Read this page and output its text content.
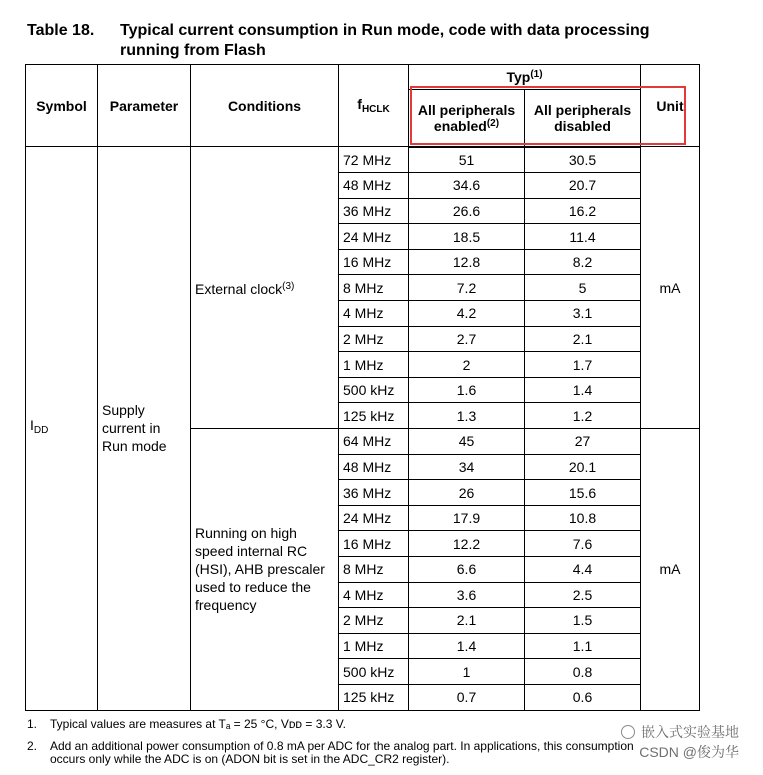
Table 18. Typical current consumption in Run mode, code with data processing running from Flash
Symbol	Parameter	Conditions	$f_{HCLK}$	Typ$^{(1)}$		Unit
				All peripherals enabled$^{(2)}$	All peripherals disabled	
$I_{DD}$	Supply current in Run mode	External clock$^{(3)}$	72 MHz	51	30.5	mA
			48 MHz	34.6	20.7	
			36 MHz	26.6	16.2	
			24 MHz	18.5	11.4	
			16 MHz	12.8	8.2	
			8 MHz	7.2	5	
			4 MHz	4.2	3.1	
			2 MHz	2.7	2.1	
			1 MHz	2	1.7	
			500 kHz	1.6	1.4	
			125 kHz	1.3	1.2	
		Running on high speed internal RC (HSI), AHB prescaler used to reduce the frequency	64 MHz	45	27	mA
			48 MHz	34	20.1	
			36 MHz	26	15.6	
			24 MHz	17.9	10.8	
			16 MHz	12.2	7.6	
			8 MHz	6.6	4.4	
			4 MHz	3.6	2.5	
			2 MHz	2.1	1.5	
			1 MHz	1.4	1.1	
			500 kHz	1	0.8	
			125 kHz	0.7	0.6	
1. Typical values are measures at Tₐ = 25 °C, Vᴅᴅ = 3.3 V.
2. Add an additional power consumption of 0.8 mA per ADC for the analog part. In applications, this consumption occurs only while the ADC is on (ADON bit is set in the ADC_CR2 register).
嵌入式实验基地
CSDN @俊为华
